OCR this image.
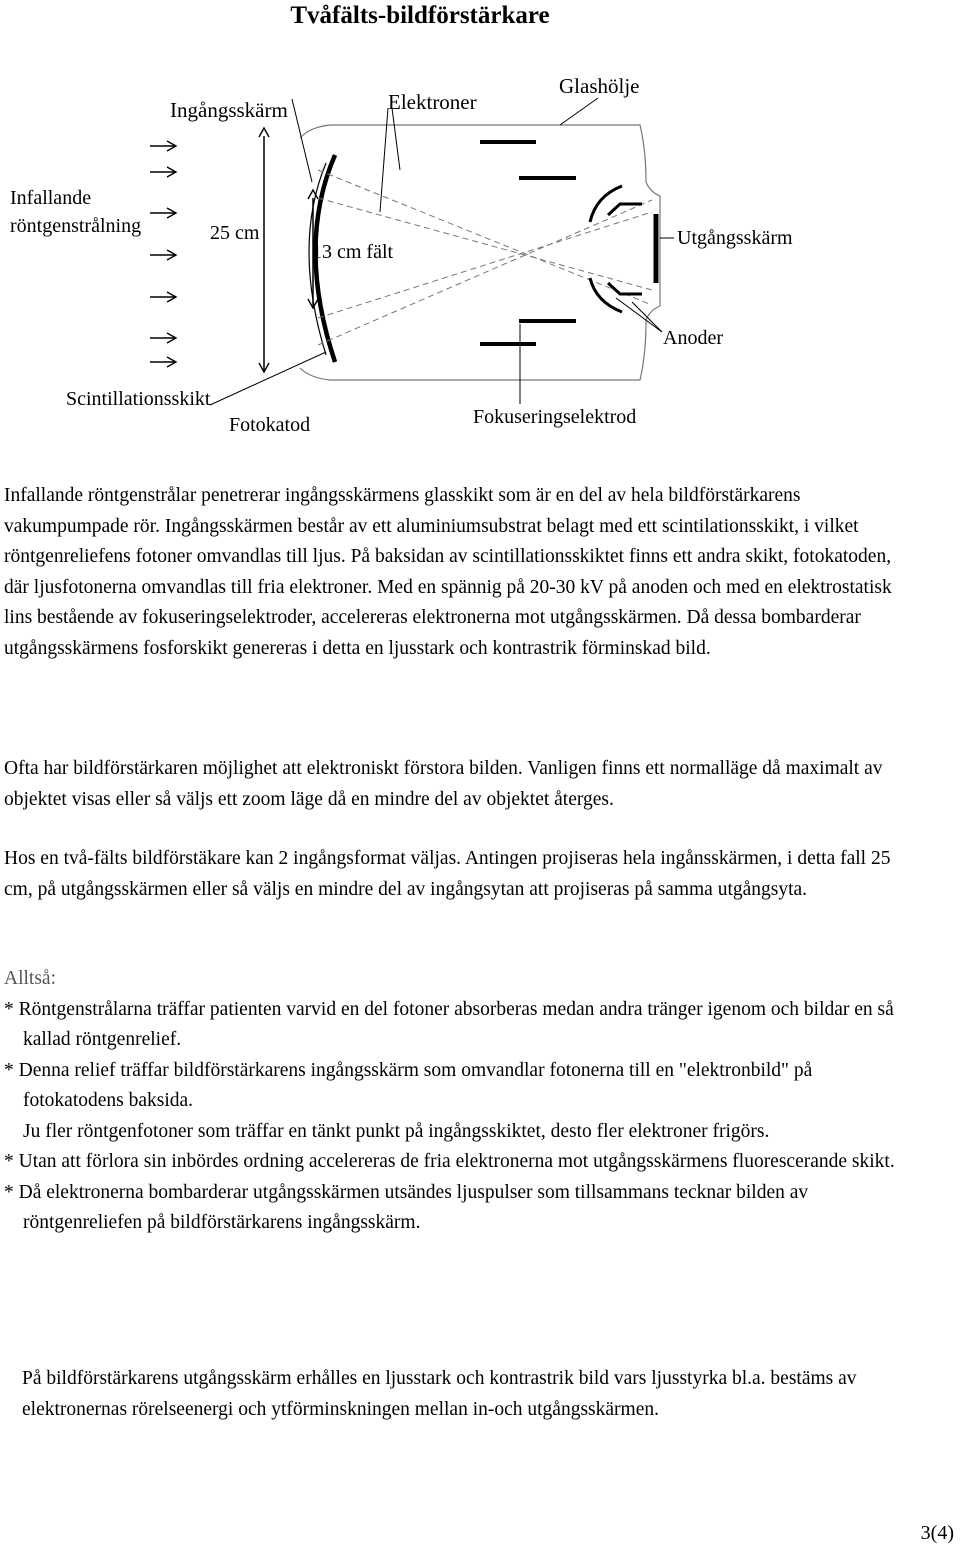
Tvåfälts-bildförstärkare
Ingångsskärm	Elektroner
Glashölje
Infallande
röntgenstrålning	25 cm
13 cm fält
Utgångsskärm
Anoder
Scintillationsskikt
Fotokatod	Fokuseringselektrod

Infallande röntgenstrålar penetrerar ingångsskärmens glasskikt som är en del av hela bildförstärkarens vakumpumpade rör. Ingångsskärmen består av ett aluminiumsubstrat belagt med ett scintilationsskikt, i vilket röntgenreliefens fotoner omvandlas till ljus. På baksidan av scintillationsskiktet finns ett andra skikt, fotokatoden, där ljusfotonerna omvandlas till fria elektroner. Med en spännig på 20-30 kV på anoden och med en elektrostatisk lins bestående av fokuseringselektroder, accelereras elektronerna mot utgångsskärmen. Då dessa bombarderar utgångsskärmens fosforskikt genereras i detta en ljusstark och kontrastrik förminskad bild.

Ofta har bildförstärkaren möjlighet att elektroniskt förstora bilden. Vanligen finns ett normalläge då maximalt av objektet visas eller så väljs ett zoom läge då en mindre del av objektet återges.

Hos en två-fälts bildförstäkare kan 2 ingångsformat väljas. Antingen projiseras hela ingånsskärmen, i detta fall 25 cm, på utgångsskärmen eller så väljs en mindre del av ingångsytan att projiseras på samma utgångsyta.

Alltså:

* Röntgenstrålarna träffar patienten varvid en del fotoner absorberas medan andra tränger igenom och bildar en så kallad röntgenrelief.

* Denna relief träffar bildförstärkarens ingångsskärm som omvandlar fotonerna till en "elektronbild" på fotokatodens baksida.

Ju fler röntgenfotoner som träffar en tänkt punkt på ingångsskiktet, desto fler elektroner frigörs.

* Utan att förlora sin inbördes ordning accelereras de fria elektronerna mot utgångsskärmens fluorescerande skikt.

* Då elektronerna bombarderar utgångsskärmen utsändes ljuspulser som tillsammans tecknar bilden av röntgenreliefen på bildförstärkarens ingångsskärm.

På bildförstärkarens utgångsskärm erhålles en ljusstark och kontrastrik bild vars ljusstyrka bl.a. bestäms av elektronernas rörelseenergi och ytförminskningen mellan in-och utgångsskärmen.

3(4)
